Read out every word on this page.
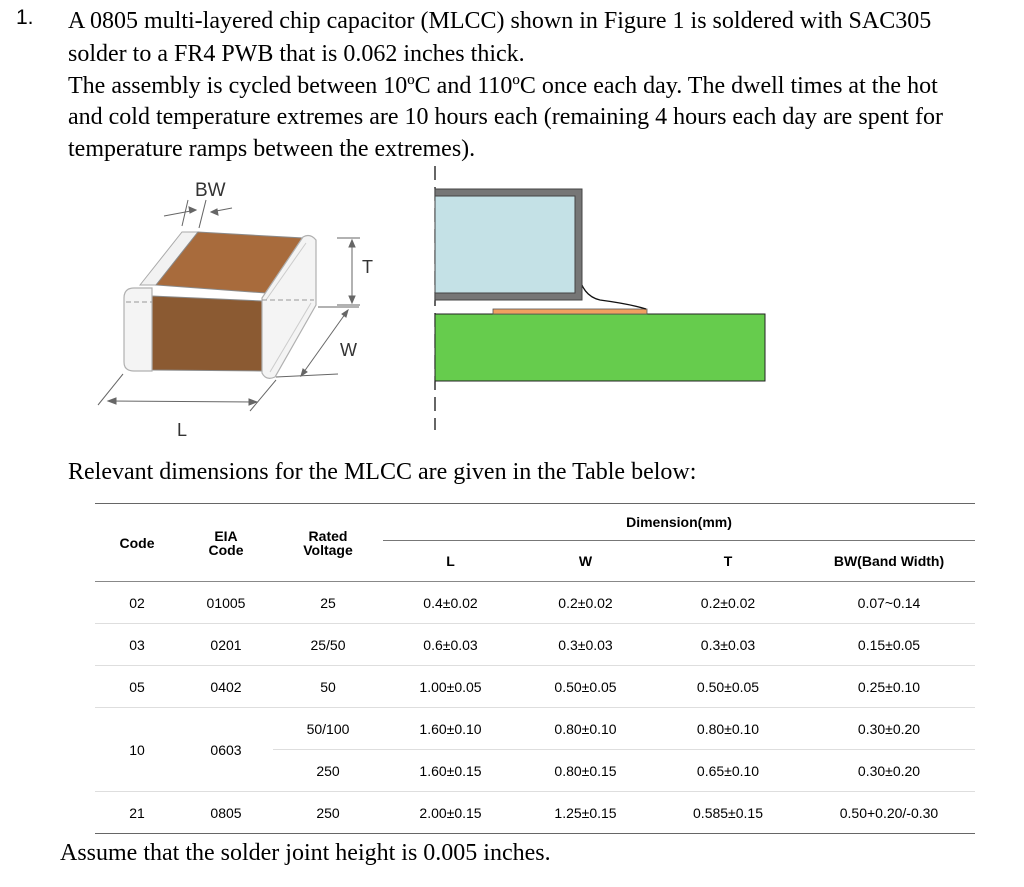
1. A 0805 multi-layered chip capacitor (MLCC) shown in Figure 1 is soldered with SAC305
solder to a FR4 PWB that is 0.062 inches thick.
The assembly is cycled between 10ºC and 110ºC once each day. The dwell times at the hot
and cold temperature extremes are 10 hours each (remaining 4 hours each day are spent for
temperature ramps between the extremes).
BW
T
W
L
Relevant dimensions for the MLCC are given in the Table below:
Code	EIA Code	Rated Voltage	Dimension(mm)			
			L	W	T	BW(Band Width)
02	01005	25	0.4±0.02	0.2±0.02	0.2±0.02	0.07~0.14
03	0201	25/50	0.6±0.03	0.3±0.03	0.3±0.03	0.15±0.05
05	0402	50	1.00±0.05	0.50±0.05	0.50±0.05	0.25±0.10
10	0603	50/100	1.60±0.10	0.80±0.10	0.80±0.10	0.30±0.20
		250	1.60±0.15	0.80±0.15	0.65±0.10	0.30±0.20
21	0805	250	2.00±0.15	1.25±0.15	0.585±0.15	0.50+0.20/-0.30
Assume that the solder joint height is 0.005 inches.
